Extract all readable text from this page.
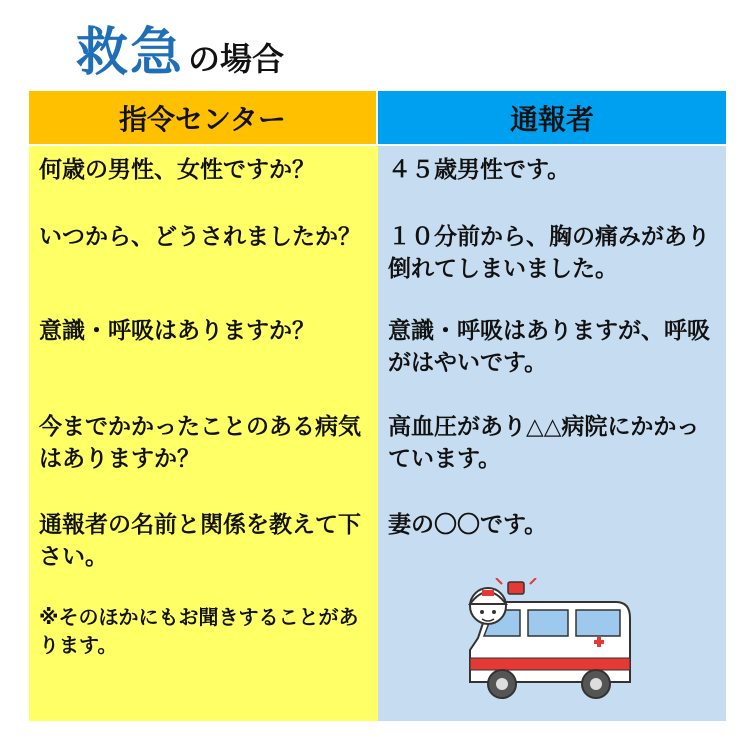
救急 の場合
指令センター
何歳の男性、女性ですか？
いつから、どうされましたか？
意識・呼吸はありますか？
今までかかったことのある病気はありますか？
通報者の名前と関係を教えて下さい。
※そのほかにもお聞きすることがあります。
通報者
４５歳男性です。
１０分前から、胸の痛みがあり倒れてしまいました。
意識・呼吸はありますが、呼吸がはやいです。
高血圧があり△△病院にかかっています。
妻の〇〇です。
